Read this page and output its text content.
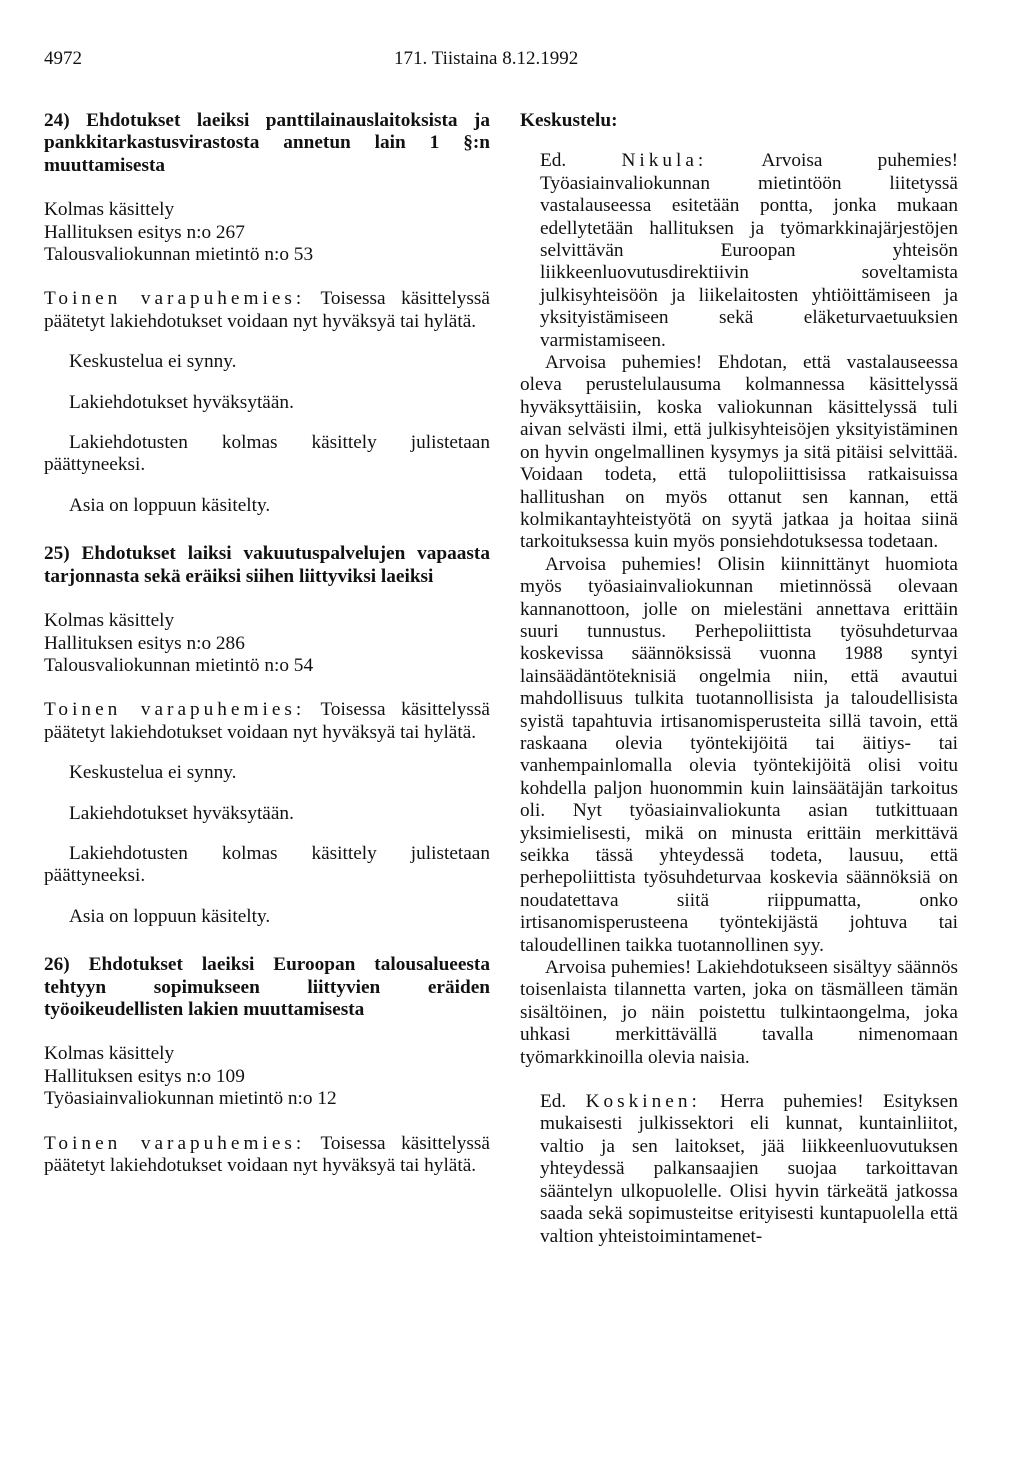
4972	171. Tiistaina 8.12.1992
24) Ehdotukset laeiksi panttilainauslaitoksista ja pankkitarkastusvirastosta annetun lain 1 §:n muuttamisesta
Kolmas käsittely
Hallituksen esitys n:o 267
Talousvaliokunnan mietintö n:o 53

Toinen varapuhemies: Toisessa käsittelyssä päätetyt lakiehdotukset voidaan nyt hyväksyä tai hylätä.

Keskustelua ei synny.

Lakiehdotukset hyväksytään.

Lakiehdotusten kolmas käsittely julistetaan päättyneeksi.

Asia on loppuun käsitelty.

25) Ehdotukset laiksi vakuutuspalvelujen vapaasta tarjonnasta sekä eräiksi siihen liittyviksi laeiksi
Kolmas käsittely
Hallituksen esitys n:o 286
Talousvaliokunnan mietintö n:o 54

Toinen varapuhemies: Toisessa käsittelyssä päätetyt lakiehdotukset voidaan nyt hyväksyä tai hylätä.

Keskustelua ei synny.

Lakiehdotukset hyväksytään.

Lakiehdotusten kolmas käsittely julistetaan päättyneeksi.

Asia on loppuun käsitelty.

26) Ehdotukset laeiksi Euroopan talousalueesta tehtyyn sopimukseen liittyvien eräiden työoikeudellisten lakien muuttamisesta
Kolmas käsittely
Hallituksen esitys n:o 109
Työasiainvaliokunnan mietintö n:o 12

Toinen varapuhemies: Toisessa käsittelyssä päätetyt lakiehdotukset voidaan nyt hyväksyä tai hylätä.

Keskustelu:

Ed. Nikula: Arvoisa puhemies! Työasiainvaliokunnan mietintöön liitetyssä vastalauseessa esitetään pontta, jonka mukaan edellytetään hallituksen ja työmarkkinajärjestöjen selvittävän Euroopan yhteisön liikkeenluovutusdirektiivin soveltamista julkisyhteisöön ja liikelaitosten yhtiöittämiseen ja yksityistämiseen sekä eläketurvaetuuksien varmistamiseen.

Arvoisa puhemies! Ehdotan, että vastalauseessa oleva perustelulausuma kolmannessa käsittelyssä hyväksyttäisiin, koska valiokunnan käsittelyssä tuli aivan selvästi ilmi, että julkisyhteisöjen yksityistäminen on hyvin ongelmallinen kysymys ja sitä pitäisi selvittää. Voidaan todeta, että tulopoliittisissa ratkaisuissa hallitushan on myös ottanut sen kannan, että kolmikantayhteistyötä on syytä jatkaa ja hoitaa siinä tarkoituksessa kuin myös ponsiehdotuksessa todetaan.

Arvoisa puhemies! Olisin kiinnittänyt huomiota myös työasiainvaliokunnan mietinnössä olevaan kannanottoon, jolle on mielestäni annettava erittäin suuri tunnustus. Perhepoliittista työsuhdeturvaa koskevissa säännöksissä vuonna 1988 syntyi lainsäädäntöteknisiä ongelmia niin, että avautui mahdollisuus tulkita tuotannollisista ja taloudellisista syistä tapahtuvia irtisanomisperusteita sillä tavoin, että raskaana olevia työntekijöitä tai äitiys- tai vanhempainlomalla olevia työntekijöitä olisi voitu kohdella paljon huonommin kuin lainsäätäjän tarkoitus oli. Nyt työasiainvaliokunta asian tutkittuaan yksimielisesti, mikä on minusta erittäin merkittävä seikka tässä yhteydessä todeta, lausuu, että perhepoliittista työsuhdeturvaa koskevia säännöksiä on noudatettava siitä riippumatta, onko irtisanomisperusteena työntekijästä johtuva tai taloudellinen taikka tuotannollinen syy.

Arvoisa puhemies! Lakiehdotukseen sisältyy säännös toisenlaista tilannetta varten, joka on täsmälleen tämän sisältöinen, jo näin poistettu tulkintaongelma, joka uhkasi merkittävällä tavalla nimenomaan työmarkkinoilla olevia naisia.

Ed. Koskinen: Herra puhemies! Esityksen mukaisesti julkissektori eli kunnat, kuntainliitot, valtio ja sen laitokset, jää liikkeenluovutuksen yhteydessä palkansaajien suojaa tarkoittavan sääntelyn ulkopuolelle. Olisi hyvin tärkeätä jatkossa saada sekä sopimusteitse erityisesti kuntapuolella että valtion yhteistoimintamenet-
